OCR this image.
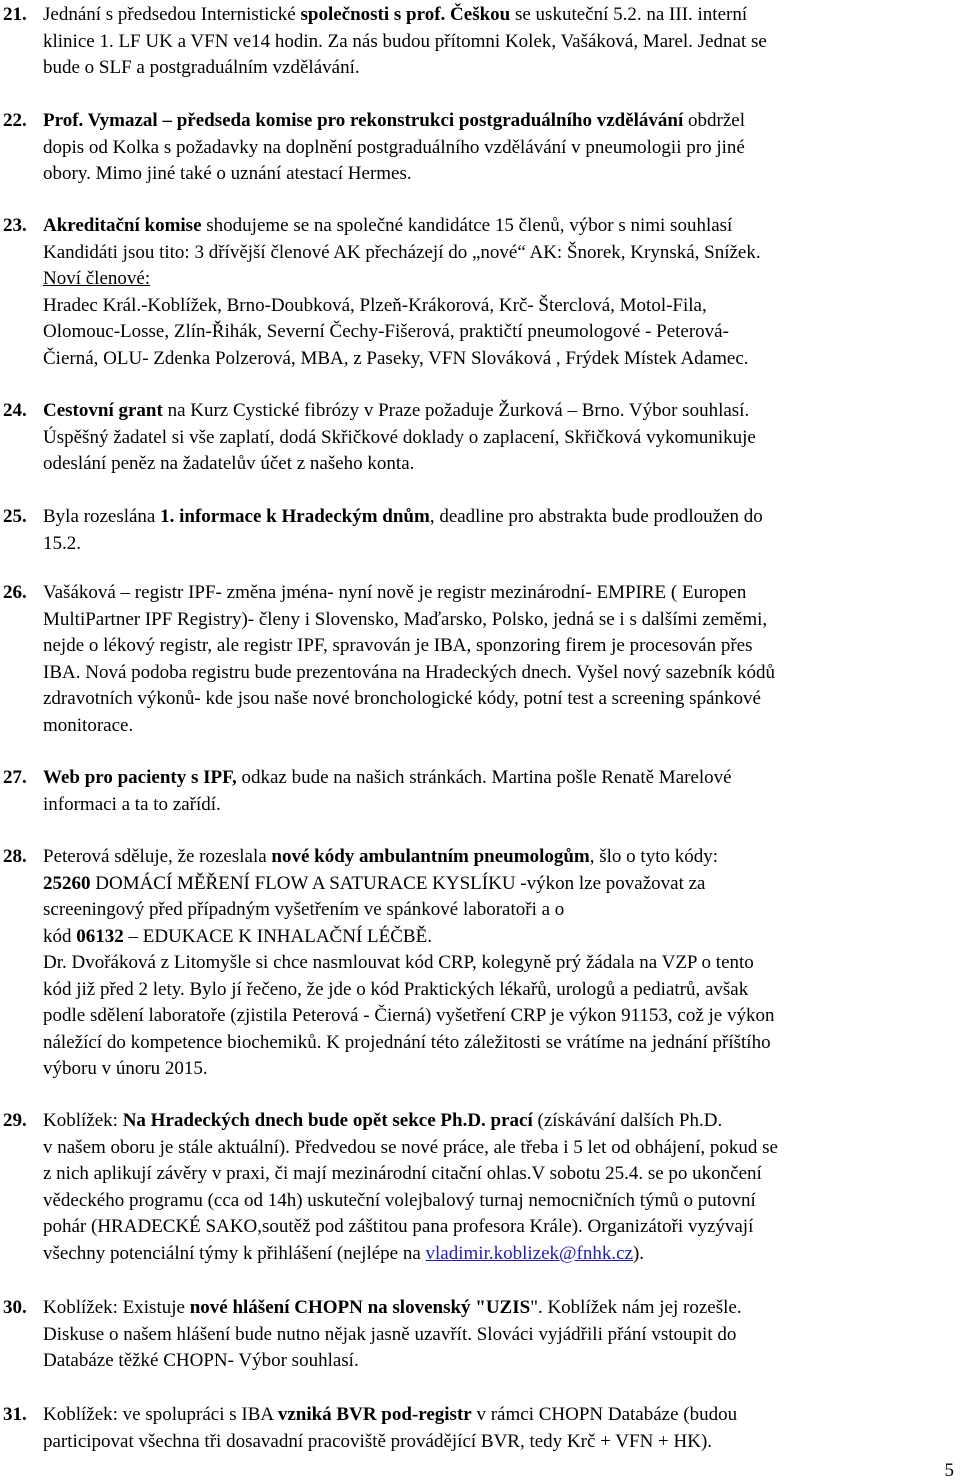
21. Jednání s předsedou Internistické společnosti s prof. Češkou se uskuteční 5.2. na III. interní
klinice 1. LF UK a VFN ve14 hodin. Za nás budou přítomni Kolek, Vašáková, Marel. Jednat se
bude o SLF a postgraduálním vzdělávání.
22. Prof. Vymazal – předseda komise pro rekonstrukci postgraduálního vzdělávání obdržel
dopis od Kolka s požadavky na doplnění postgraduálního vzdělávání v pneumologii pro jiné
obory. Mimo jiné také o uznání atestací Hermes.
23. Akreditační komise shodujeme se na společné kandidátce 15 členů, výbor s nimi souhlasí
Kandidáti jsou tito: 3 dřívější členové AK přecházejí do „nové“ AK: Šnorek, Krynská, Snížek.
Noví členové:
Hradec Král.-Koblížek, Brno-Doubková, Plzeň-Krákorová, Krč- Šterclová, Motol-Fila,
Olomouc-Losse, Zlín-Řihák, Severní Čechy-Fišerová, praktičtí pneumologové - Peterová-
Čierná, OLU- Zdenka Polzerová, MBA, z Paseky, VFN Slováková , Frýdek Místek Adamec.
24. Cestovní grant na Kurz Cystické fibrózy v Praze požaduje Žurková – Brno. Výbor souhlasí.
Úspěšný žadatel si vše zaplatí, dodá Skřičkové doklady o zaplacení, Skřičková vykomunikuje
odeslání peněz na žadatelův účet z našeho konta.
25. Byla rozeslána 1. informace k Hradeckým dnům, deadline pro abstrakta bude prodloužen do
15.2.
26. Vašáková – registr IPF- změna jména- nyní nově je registr mezinárodní- EMPIRE ( Europen
MultiPartner IPF Registry)- členy i Slovensko, Maďarsko, Polsko, jedná se i s dalšími zeměmi,
nejde o lékový registr, ale registr IPF, spravován je IBA, sponzoring firem je procesován přes
IBA. Nová podoba registru bude prezentována na Hradeckých dnech. Vyšel nový sazebník kódů
zdravotních výkonů- kde jsou naše nové bronchologické kódy, potní test a screening spánkové
monitorace.
27. Web pro pacienty s IPF, odkaz bude na našich stránkách. Martina pošle Renatě Marelové
informaci a ta to zařídí.
28. Peterová sděluje, že rozeslala nové kódy ambulantním pneumologům, šlo o tyto kódy:
25260 DOMÁCÍ MĚŘENÍ FLOW A SATURACE KYSLÍKU -výkon lze považovat za
screeningový před případným vyšetřením ve spánkové laboratoři a o
kód 06132 – EDUKACE K INHALAČNÍ LÉČBĚ.
Dr. Dvořáková z Litomyšle si chce nasmlouvat kód CRP, kolegyně prý žádala na VZP o tento
kód již před 2 lety. Bylo jí řečeno, že jde o kód Praktických lékařů, urologů a pediatrů, avšak
podle sdělení laboratoře (zjistila Peterová - Čierná) vyšetření CRP je výkon 91153, což je výkon
náležící do kompetence biochemiků. K projednání této záležitosti se vrátíme na jednání příštího
výboru v únoru 2015.
29. Koblížek: Na Hradeckých dnech bude opět sekce Ph.D. prací (získávání dalších Ph.D.
v našem oboru je stále aktuální). Předvedou se nové práce, ale třeba i 5 let od obhájení, pokud se
z nich aplikují závěry v praxi, či mají mezinárodní citační ohlas.V sobotu 25.4. se po ukončení
vědeckého programu (cca od 14h) uskuteční volejbalový turnaj nemocničních týmů o putovní
pohár (HRADECKÉ SAKO,soutěž pod záštitou pana profesora Krále). Organizátoři vyzývají
všechny potenciální týmy k přihlášení (nejlépe na vladimir.koblizek@fnhk.cz).
30. Koblížek: Existuje nové hlášení CHOPN na slovenský "UZIS". Koblížek nám jej rozešle.
Diskuse o našem hlášení bude nutno nějak jasně uzavřít. Slováci vyjádřili přání vstoupit do
Databáze těžké CHOPN- Výbor souhlasí.
31. Koblížek: ve spolupráci s IBA vzniká BVR pod-registr v rámci CHOPN Databáze (budou
participovat všechna tři dosavadní pracoviště provádějící BVR, tedy Krč + VFN + HK).
5
